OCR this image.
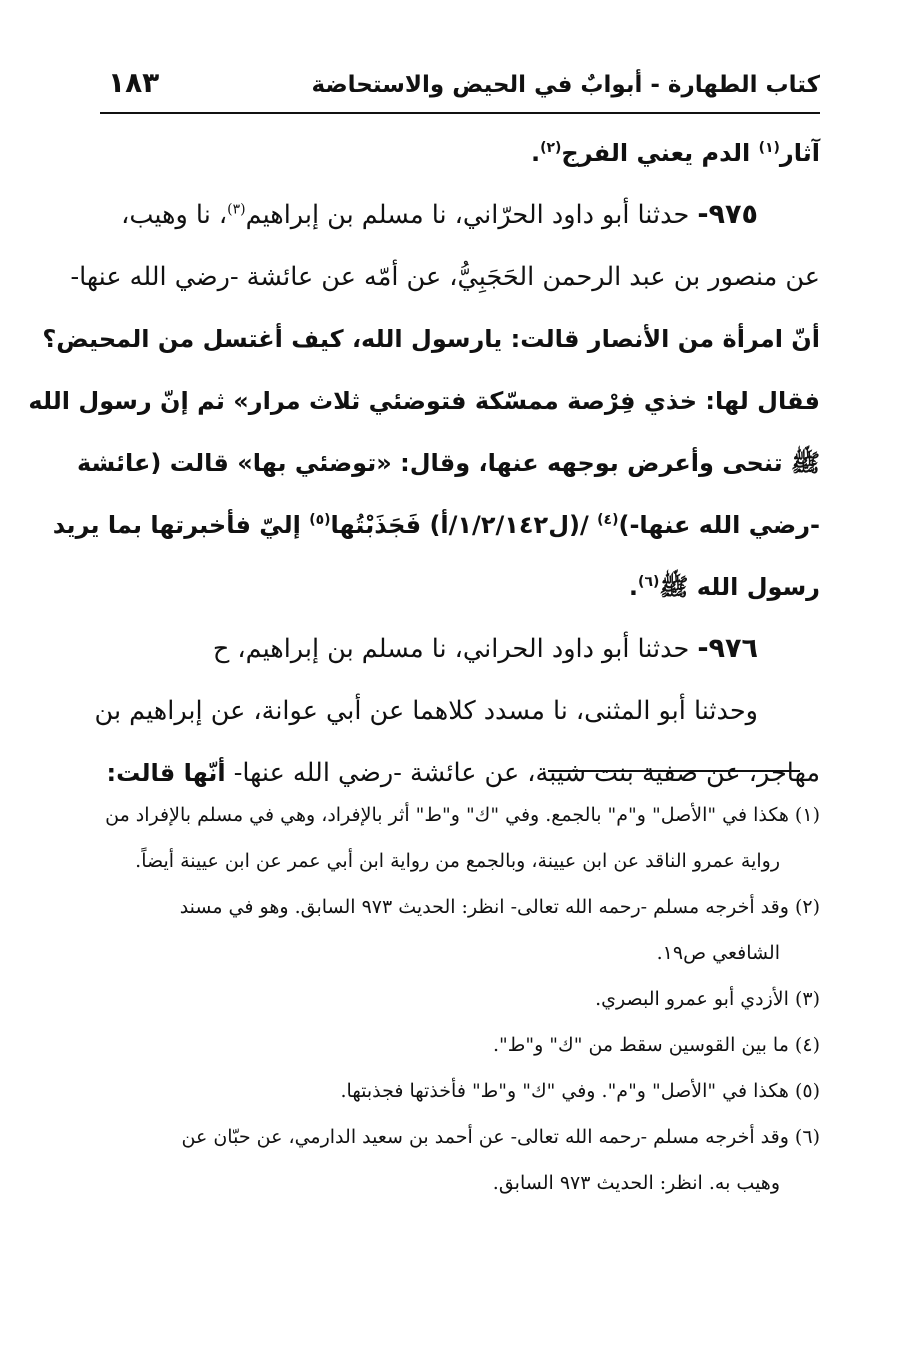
كتاب الطهارة - أبوابٌ في الحيض والاستحاضة
١٨٣
آثار$^{(١)}$ الدم يعني الفرج$^{(٢)}$.
٩٧٥- حدثنا أبو داود الحرّاني، نا مسلم بن إبراهيم$^{(٣)}$، نا وهيب،
عن منصور بن عبد الرحمن الحَجَبِيُّ، عن أمّه عن عائشة -رضي الله عنها-
أنّ امرأة من الأنصار قالت: يارسول الله، كيف أغتسل من المحيض؟
فقال لها: خذي فِرْصة ممسّكة فتوضئي ثلاث مرار» ثم إنّ رسول الله
ﷺ تنحى وأعرض بوجهه عنها، وقال: «توضئي بها» قالت (عائشة
-رضي الله عنها-)$^{(٤)}$ /(ل١/٢/١٤٢/أ) فَجَذَبْتُها$^{(٥)}$ إليّ فأخبرتها بما يريد
رسول الله ﷺ$^{(٦)}$.
٩٧٦- حدثنا أبو داود الحراني، نا مسلم بن إبراهيم، ح
وحدثنا أبو المثنى، نا مسدد كلاهما عن أبي عوانة، عن إبراهيم بن
مهاجر، عن صفية بنت شيبة، عن عائشة -رضي الله عنها- أنّها قالت:
(١) هكذا في "الأصل" و"م" بالجمع. وفي "ك" و"ط" أثر بالإفراد، وهي في مسلم بالإفراد من
رواية عمرو الناقد عن ابن عيينة، وبالجمع من رواية ابن أبي عمر عن ابن عيينة أيضاً.
(٢) وقد أخرجه مسلم -رحمه الله تعالى- انظر: الحديث ٩٧٣ السابق. وهو في مسند
الشافعي ص١٩.
(٣) الأزدي أبو عمرو البصري.
(٤) ما بين القوسين سقط من "ك" و"ط".
(٥) هكذا في "الأصل" و"م". وفي "ك" و"ط" فأخذتها فجذبتها.
(٦) وقد أخرجه مسلم -رحمه الله تعالى- عن أحمد بن سعيد الدارمي، عن حبّان عن
وهيب به. انظر: الحديث ٩٧٣ السابق.
